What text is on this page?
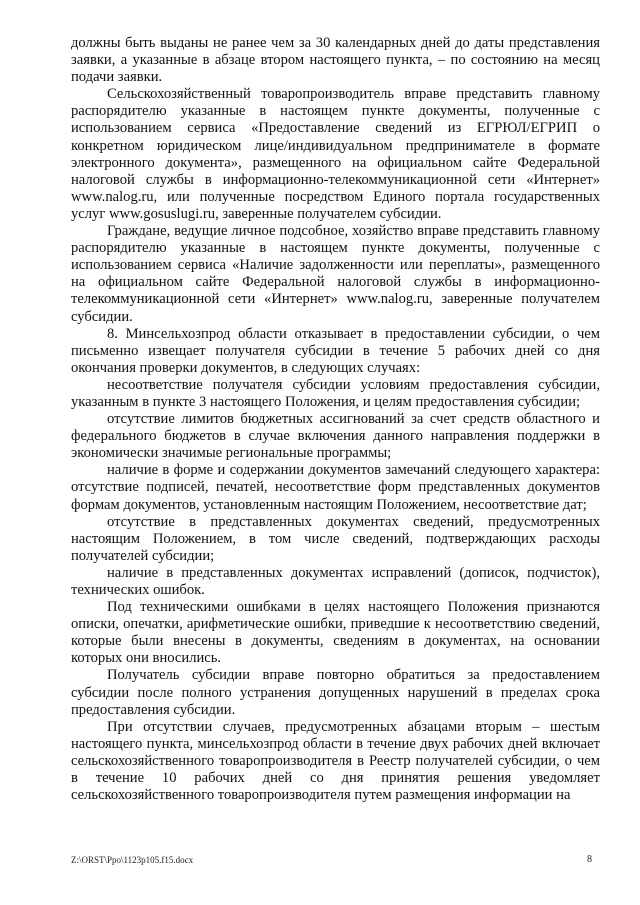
должны быть выданы не ранее чем за 30 календарных дней до даты представления заявки, а указанные в абзаце втором настоящего пункта, – по состоянию на месяц подачи заявки.

Сельскохозяйственный товаропроизводитель вправе представить главному распорядителю указанные в настоящем пункте документы, полученные с использованием сервиса «Предоставление сведений из ЕГРЮЛ/ЕГРИП о конкретном юридическом лице/индивидуальном предпринимателе в формате электронного документа», размещенного на официальном сайте Федеральной налоговой службы в информационно-телекоммуникационной сети «Интернет» www.nalog.ru, или полученные посредством Единого портала государственных услуг www.gosuslugi.ru, заверенные получателем субсидии.

Граждане, ведущие личное подсобное, хозяйство вправе представить главному распорядителю указанные в настоящем пункте документы, полученные с использованием сервиса «Наличие задолженности или переплаты», размещенного на официальном сайте Федеральной налоговой службы в информационно-телекоммуникационной сети «Интернет» www.nalog.ru, заверенные получателем субсидии.

8. Минсельхозпрод области отказывает в предоставлении субсидии, о чем письменно извещает получателя субсидии в течение 5 рабочих дней со дня окончания проверки документов, в следующих случаях:

несоответствие получателя субсидии условиям предоставления субсидии, указанным в пункте 3 настоящего Положения, и целям предоставления субсидии;

отсутствие лимитов бюджетных ассигнований за счет средств областного и федерального бюджетов в случае включения данного направления поддержки в экономически значимые региональные программы;

наличие в форме и содержании документов замечаний следующего характера: отсутствие подписей, печатей, несоответствие форм представленных документов формам документов, установленным настоящим Положением, несоответствие дат;

отсутствие в представленных документах сведений, предусмотренных настоящим Положением, в том числе сведений, подтверждающих расходы получателей субсидии;

наличие в представленных документах исправлений (дописок, подчисток), технических ошибок.

Под техническими ошибками в целях настоящего Положения признаются описки, опечатки, арифметические ошибки, приведшие к несоответствию сведений, которые были внесены в документы, сведениям в документах, на основании которых они вносились.

Получатель субсидии вправе повторно обратиться за предоставлением субсидии после полного устранения допущенных нарушений в пределах срока предоставления субсидии.

При отсутствии случаев, предусмотренных абзацами вторым – шестым настоящего пункта, минсельхозпрод области в течение двух рабочих дней включает сельскохозяйственного товаропроизводителя в Реестр получателей субсидии, о чем в течение 10 рабочих дней со дня принятия решения уведомляет сельскохозяйственного товаропроизводителя путем размещения информации на

Z:\ORST\Ppo\1123p105.f15.docx	8
